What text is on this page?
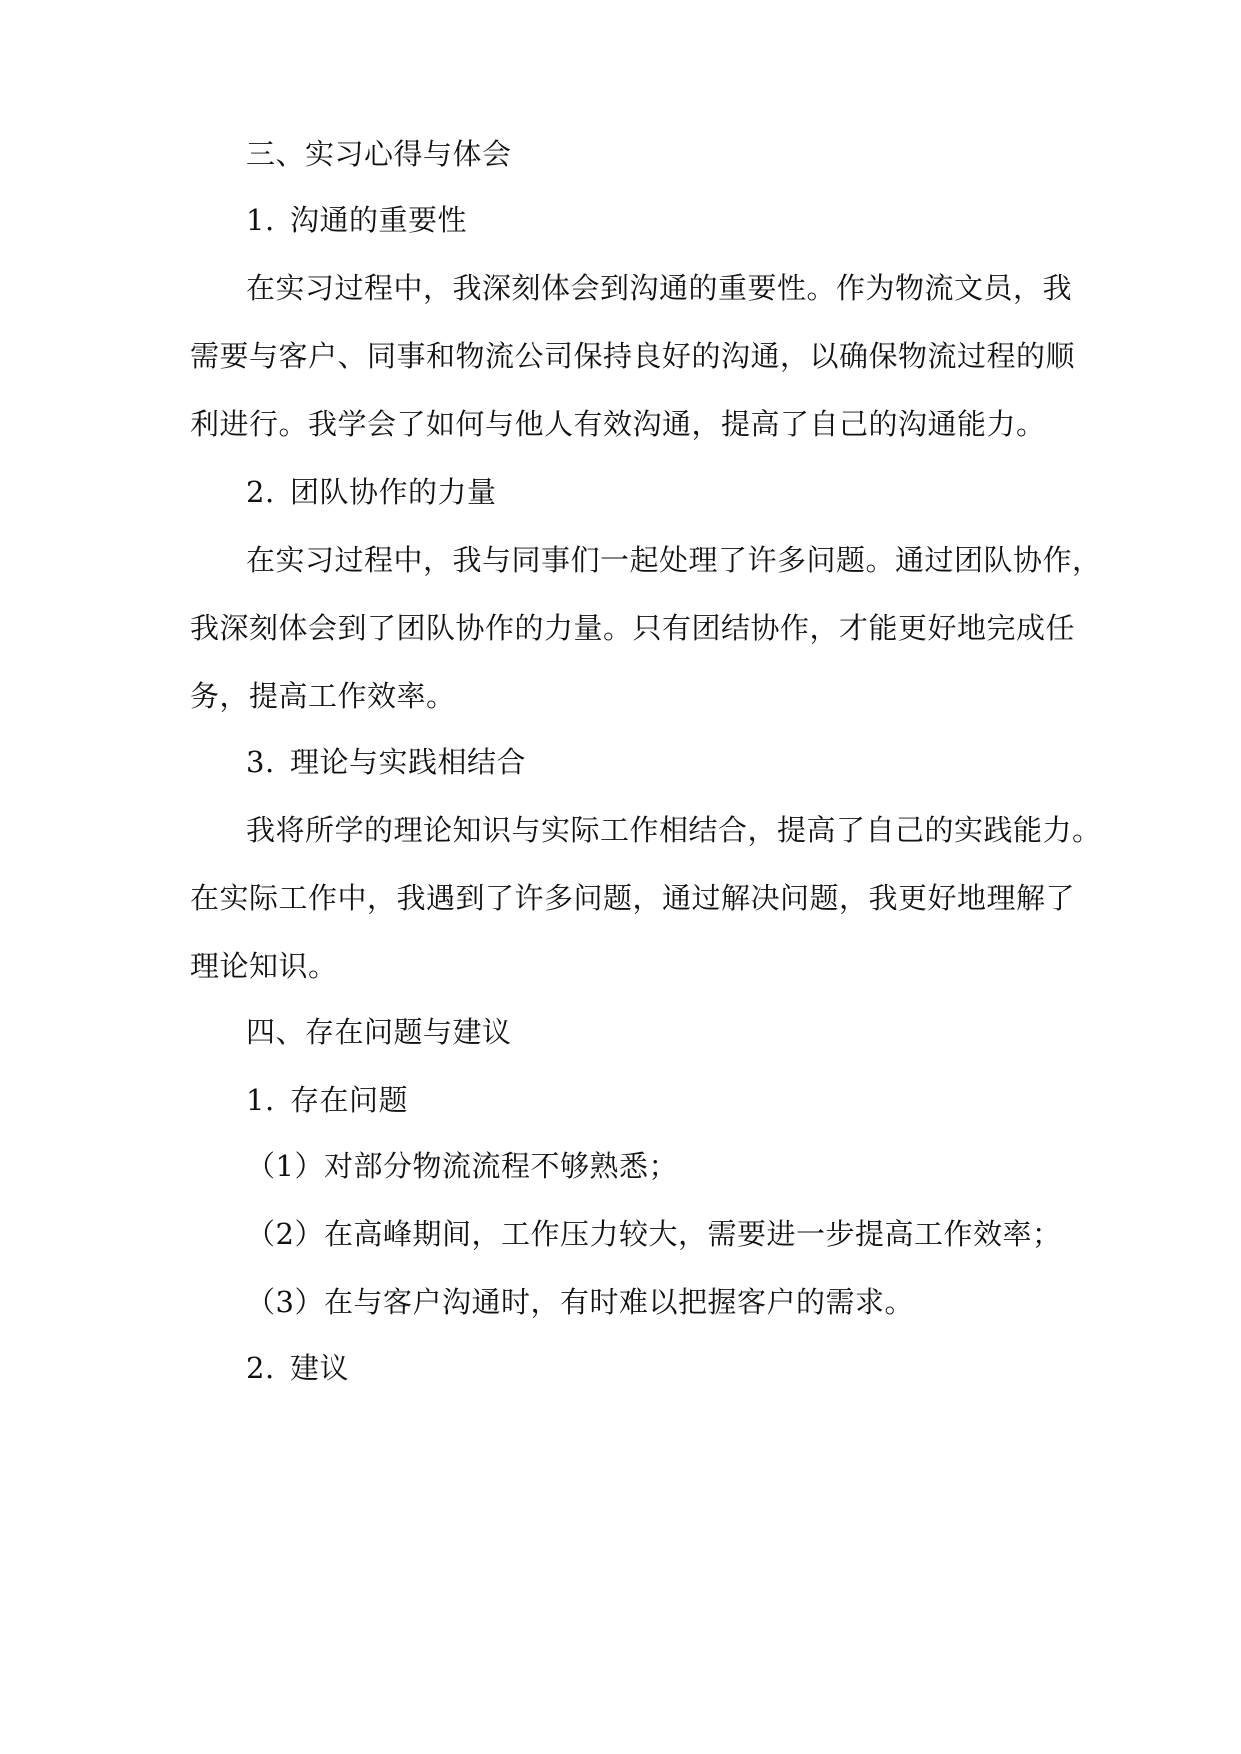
三、实习心得与体会
1. 沟通的重要性
在实习过程中，我深刻体会到沟通的重要性。作为物流文员，我
需要与客户、同事和物流公司保持良好的沟通，以确保物流过程的顺
利进行。我学会了如何与他人有效沟通，提高了自己的沟通能力。
2. 团队协作的力量
在实习过程中，我与同事们一起处理了许多问题。通过团队协作，
我深刻体会到了团队协作的力量。只有团结协作，才能更好地完成任
务，提高工作效率。
3. 理论与实践相结合
我将所学的理论知识与实际工作相结合，提高了自己的实践能力。
在实际工作中，我遇到了许多问题，通过解决问题，我更好地理解了
理论知识。
四、存在问题与建议
1. 存在问题
（1）对部分物流流程不够熟悉；
（2）在高峰期间，工作压力较大，需要进一步提高工作效率；
（3）在与客户沟通时，有时难以把握客户的需求。
2. 建议
